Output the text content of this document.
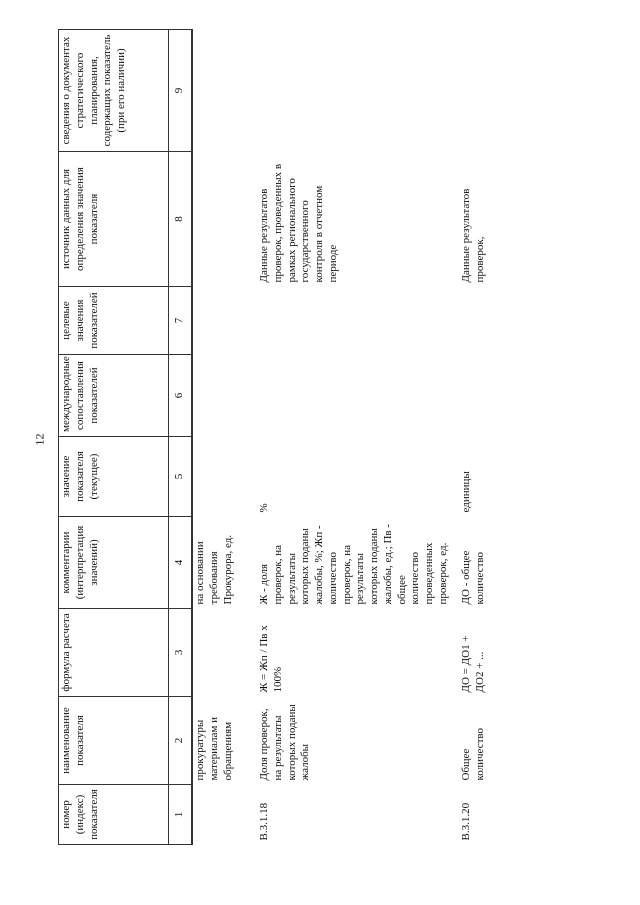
12
номер (индекс) показателя	наименование показателя	формула расчета	комментарии (интерпретация значений)	значение показателя (текущее)	международные сопоставления показателей	целевые значения показателей	источник данных для определения значения показателя	сведения о документах стратегического планирования, содержащих показатель (при его наличии)
1	2	3	4	5	6	7	8	9
	прокуратуры материалам и обращениям		на основании требования Прокурора, ед.					
В.3.1.18	Доля проверок, на результаты которых поданы жалобы	Ж = Жп / Пв x 100%	Ж - доля проверок, на результаты которых поданы жалобы, %; Жп - количество проверок, на результаты которых поданы жалобы, ед.; Пв - общее количество проведенных проверок, ед.	%			Данные результатов проверок, проведенных в рамках регионального государственного контроля в отчетном периоде	
В.3.1.20	Общее количество	ДО = ДО1 + ДО2 + ...	ДО - общее количество	единицы			Данные результатов проверок,	
